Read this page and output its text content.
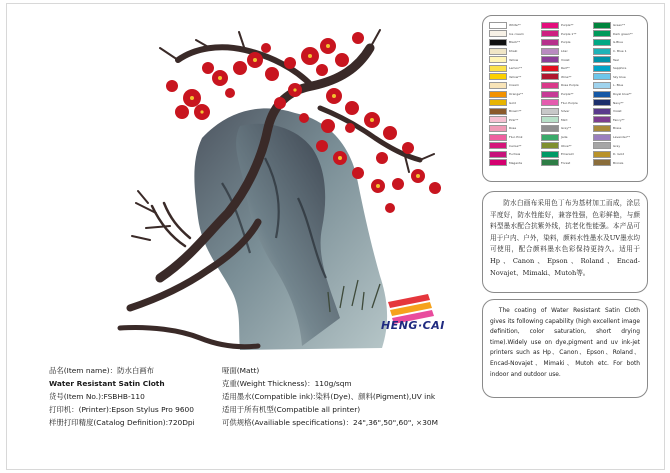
HENG·CAI
White**	Purple**	Green**
Ice cream	Purple 1**	Dark green**
Black**	Purple	G.Blue
Khaki	Lilac	C. Blue 1
Yellow	Violet	Teal
Lemon**	Red**	Sapphire
Yellow**	Wine**	Sky blue
Cream	Rose Purple	L. Blue
Orange**	Purple**	Royal blue**
Gold	Fluo Purple	Navy**
Brown**	Silver	Violet
Pink**	Mint	Fancy**
Rose	Grey**	Brass
Fluo Pink	Jade	Lavender**
Cerise**	Olive**	Gray
Fuchsia	Emerald	D. Gold
Magenta	Forest	Bronze

防水白画布采用色丁布为基材加工而成，涂层平度好，防水性能好，兼容性强，色彩鲜艳，与颜料型墨水配合抗紫外线，抗老化性能强。本产品可用于户内、户外，染料，颜料水性墨水及UV墨水均可使用，配合颜料墨水色彩保持更持久。适用于Hp、Canon、Epson、Roland、Encad-Novajet、Mimaki、Mutoh等。

The coating of Water Resistant Satin Cloth gives its following capability (high excellent image definition, color saturation, short drying time).Widely use on dye,pigment and uv ink-jet printers such as Hp、Canon、Epson、Roland、Encad-Novajet、Mimaki、Mutoh etc. For both indoor and outdoor use.

品名(Item name)：防水白画布
Water Resistant Satin Cloth
货号(Item No.):FSBHB-110
打印机：(Printer):Epson Stylus Pro 9600
样册打印精度(Catalog Definition):720Dpi
哑面(Matt)
克重(Weight Thickness)：110g/sqm
适用墨水(Compatible ink):染料(Dye)、颜料(Pigment),UV ink
适用于所有机型(Compatible all printer)
可供规格(Availiable specifications)：24",36",50",60", ×30M
